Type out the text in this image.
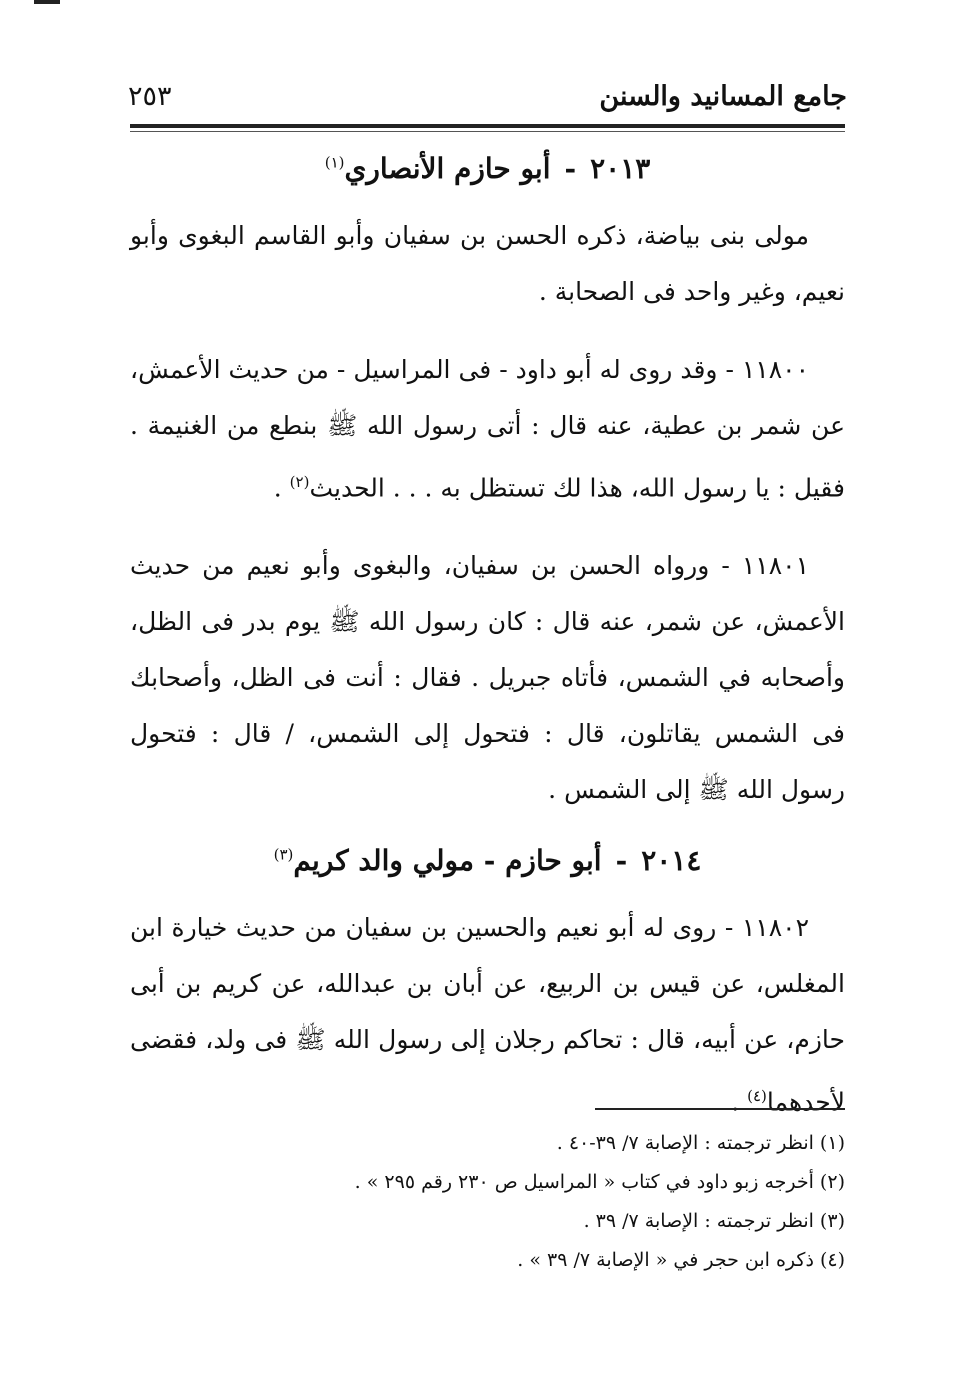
جامع المسانيد والسنن
٢٥٣
٢٠١٣-أبو حازم الأنصاري$^{(١)}$

مولى بنى بياضة، ذكره الحسن بن سفيان وأبو القاسم البغوى وأبو نعيم، وغير واحد فى الصحابة .

١١٨٠٠ - وقد روى له أبو داود - فى المراسيل - من حديث الأعمش، عن شمر بن عطية، عنه قال : أتى رسول الله ﷺ بنطع من الغنيمة . فقيل : يا رسول الله، هذا لك تستظل به . . . الحديث$^{(٢)}$ .

١١٨٠١ - ورواه الحسن بن سفيان، والبغوى وأبو نعيم من حديث الأعمش، عن شمر، عنه قال : كان رسول الله ﷺ يوم بدر فى الظل، وأصحابه في الشمس، فأتاه جبريل . فقال : أنت فى الظل، وأصحابك فى الشمس يقاتلون، قال : فتحول إلى الشمس، / قال : فتحول رسول الله ﷺ إلى الشمس .

٢٠١٤-أبو حازم - مولي والد كريم$^{(٣)}$

١١٨٠٢ - روى له أبو نعيم والحسين بن سفيان من حديث خيارة ابن المغلس، عن قيس بن الربيع، عن أبان بن عبدالله، عن كريم بن أبى حازم، عن أبيه، قال : تحاكم رجلان إلى رسول الله ﷺ فى ولد، فقضى لأحدهما$^{(٤)}$ .

(١) انظر ترجمته : الإصابة ٧/ ٣٩-٤٠ .
(٢) أخرجه زبو داود في كتاب « المراسيل ص ٢٣٠ رقم ٢٩٥ » .
(٣) انظر ترجمته : الإصابة ٧/ ٣٩ .
(٤) ذكره ابن حجر في « الإصابة ٧/ ٣٩ » .
